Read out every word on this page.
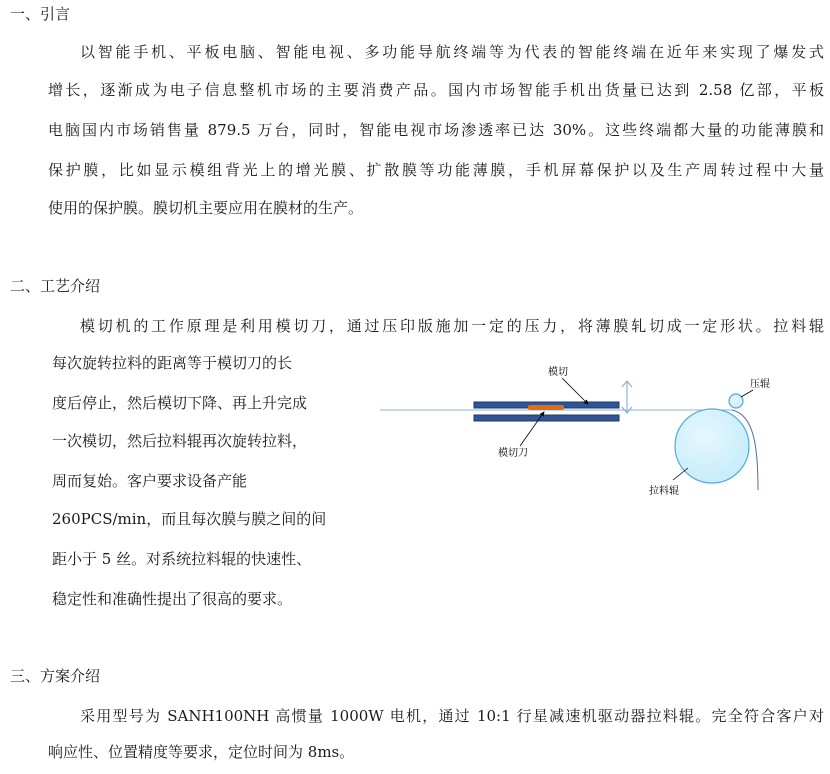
一、引言
以智能手机、平板电脑、智能电视、多功能导航终端等为代表的智能终端在近年来实现了爆发式
增长，逐渐成为电子信息整机市场的主要消费产品。国内市场智能手机出货量已达到 2.58 亿部，平板
电脑国内市场销售量 879.5 万台，同时，智能电视市场渗透率已达 30%。这些终端都大量的功能薄膜和
保护膜，比如显示模组背光上的增光膜、扩散膜等功能薄膜，手机屏幕保护以及生产周转过程中大量
使用的保护膜。膜切机主要应用在膜材的生产。
二、工艺介绍
模切机的工作原理是利用模切刀，通过压印版施加一定的压力，将薄膜轧切成一定形状。拉料辊
每次旋转拉料的距离等于模切刀的长
度后停止，然后模切下降、再上升完成
一次模切，然后拉料辊再次旋转拉料，
周而复始。客户要求设备产能
260PCS/min，而且每次膜与膜之间的间
距小于 5 丝。对系统拉料辊的快速性、
稳定性和准确性提出了很高的要求。
模切
压辊
模切刀
拉料辊
三、方案介绍
采用型号为 SANH100NH 高惯量 1000W 电机，通过 10:1 行星减速机驱动器拉料辊。完全符合客户对
响应性、位置精度等要求，定位时间为 8ms。
